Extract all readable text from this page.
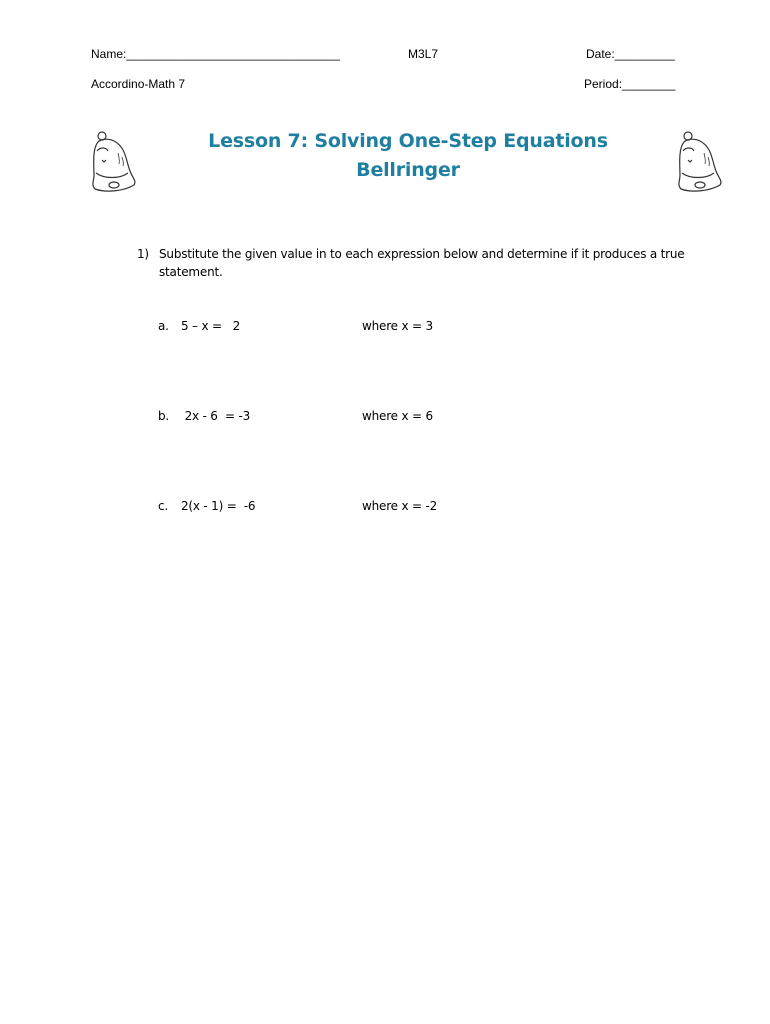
Name:________________________________	M3L7	Date:_________
Accordino-Math 7	Period:________
Lesson 7: Solving One-Step Equations
Bellringer
1) Substitute the given value in to each expression below and determine if it produces a true
statement.
a. 5 – x =   2	where x = 3
b. 2x - 6  = -3	where x = 6
c. 2(x - 1) =  -6	where x = -2
